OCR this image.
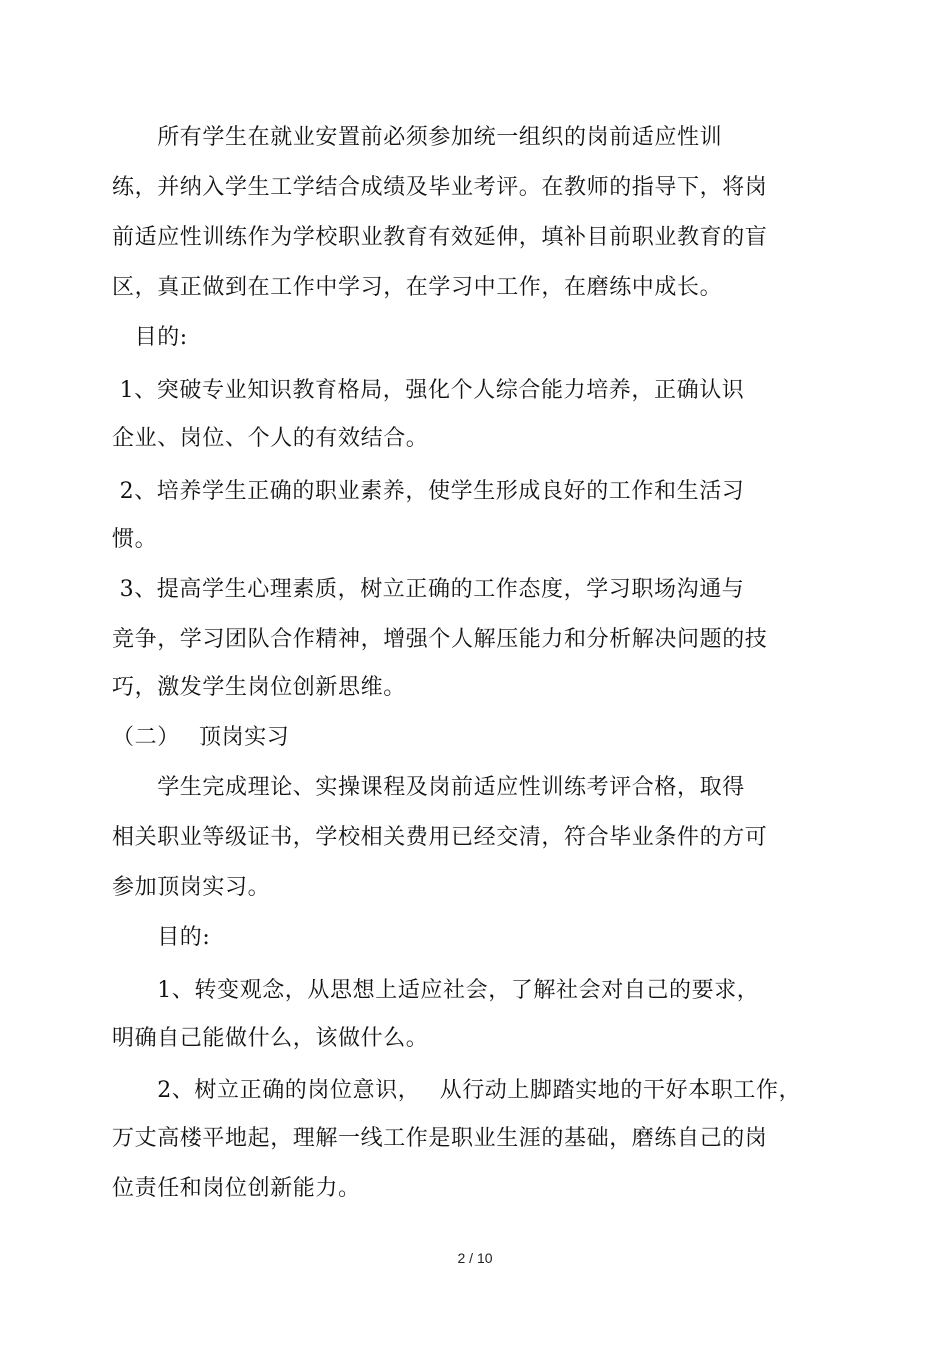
　　所有学生在就业安置前必须参加统一组织的岗前适应性训
练，并纳入学生工学结合成绩及毕业考评。在教师的指导下，将岗
前适应性训练作为学校职业教育有效延伸，填补目前职业教育的盲
区，真正做到在工作中学习，在学习中工作，在磨练中成长。
　目的:
1、突破专业知识教育格局，强化个人综合能力培养，正确认识
企业、岗位、个人的有效结合。
2、培养学生正确的职业素养，使学生形成良好的工作和生活习
惯。
3、提高学生心理素质，树立正确的工作态度，学习职场沟通与
竞争，学习团队合作精神，增强个人解压能力和分析解决问题的技
巧，激发学生岗位创新思维。
（二）　 顶岗实习
　　学生完成理论、实操课程及岗前适应性训练考评合格，取得
相关职业等级证书，学校相关费用已经交清，符合毕业条件的方可
参加顶岗实习。
　　目的:
　　1、转变观念，从思想上适应社会，了解社会对自己的要求，
明确自己能做什么，该做什么。
　　2、树立正确的岗位意识，　 从行动上脚踏实地的干好本职工作，
万丈高楼平地起，理解一线工作是职业生涯的基础，磨练自己的岗
位责任和岗位创新能力。
2 / 10
